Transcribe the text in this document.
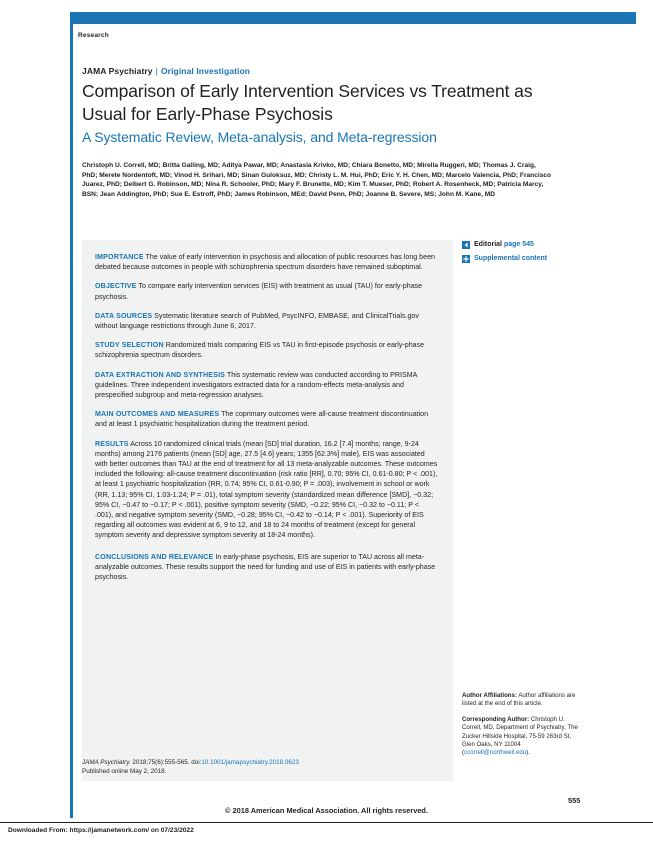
Research
JAMA Psychiatry | Original Investigation
Comparison of Early Intervention Services vs Treatment as Usual for Early-Phase Psychosis
A Systematic Review, Meta-analysis, and Meta-regression
Christoph U. Correll, MD; Britta Galling, MD; Aditya Pawar, MD; Anastasia Krivko, MD; Chiara Bonetto, MD; Mirella Ruggeri, MD; Thomas J. Craig, PhD; Merete Nordentoft, MD; Vinod H. Srihari, MD; Sinan Guloksuz, MD; Christy L. M. Hui, PhD; Eric Y. H. Chen, MD; Marcelo Valencia, PhD; Francisco Juarez, PhD; Delbert G. Robinson, MD; Nina R. Schooler, PhD; Mary F. Brunette, MD; Kim T. Mueser, PhD; Robert A. Rosenheck, MD; Patricia Marcy, BSN; Jean Addington, PhD; Sue E. Estroff, PhD; James Robinson, MEd; David Penn, PhD; Joanne B. Severe, MS; John M. Kane, MD
IMPORTANCE The value of early intervention in psychosis and allocation of public resources has long been debated because outcomes in people with schizophrenia spectrum disorders have remained suboptimal.
OBJECTIVE To compare early intervention services (EIS) with treatment as usual (TAU) for early-phase psychosis.
DATA SOURCES Systematic literature search of PubMed, PsycINFO, EMBASE, and ClinicalTrials.gov without language restrictions through June 6, 2017.
STUDY SELECTION Randomized trials comparing EIS vs TAU in first-episode psychosis or early-phase schizophrenia spectrum disorders.
DATA EXTRACTION AND SYNTHESIS This systematic review was conducted according to PRISMA guidelines. Three independent investigators extracted data for a random-effects meta-analysis and prespecified subgroup and meta-regression analyses.
MAIN OUTCOMES AND MEASURES The coprimary outcomes were all-cause treatment discontinuation and at least 1 psychiatric hospitalization during the treatment period.
RESULTS Across 10 randomized clinical trials (mean [SD] trial duration, 16.2 [7.4] months; range, 9-24 months) among 2176 patients (mean [SD] age, 27.5 [4.6] years; 1355 [62.3%] male), EIS was associated with better outcomes than TAU at the end of treatment for all 13 meta-analyzable outcomes. These outcomes included the following: all-cause treatment discontinuation (risk ratio [RR], 0.70; 95% CI, 0.61-0.80; P < .001), at least 1 psychiatric hospitalization (RR, 0.74; 95% CI, 0.61-0.90; P = .003), involvement in school or work (RR, 1.13; 95% CI, 1.03-1.24; P = .01), total symptom severity (standardized mean difference [SMD], −0.32; 95% CI, −0.47 to −0.17; P < .001), positive symptom severity (SMD, −0.22; 95% CI, −0.32 to −0.11; P < .001), and negative symptom severity (SMD, −0.28; 95% CI, −0.42 to −0.14; P < .001). Superiority of EIS regarding all outcomes was evident at 6, 9 to 12, and 18 to 24 months of treatment (except for general symptom severity and depressive symptom severity at 18-24 months).
CONCLUSIONS AND RELEVANCE In early-phase psychosis, EIS are superior to TAU across all meta-analyzable outcomes. These results support the need for funding and use of EIS in patients with early-phase psychosis.
Editorial page 545
Supplemental content

Author Affiliations: Author affiliations are listed at the end of this article.

Corresponding Author: Christoph U. Correll, MD, Department of Psychiatry, The Zucker Hillside Hospital, 75-59 263rd St, Glen Oaks, NY 11004 (ccorrell@northwell.edu).

JAMA Psychiatry. 2018;75(6):555-565. doi:10.1001/jamapsychiatry.2018.0623
Published online May 2, 2018.
555
© 2018 American Medical Association. All rights reserved.
Downloaded From: https://jamanetwork.com/ on 07/23/2022
